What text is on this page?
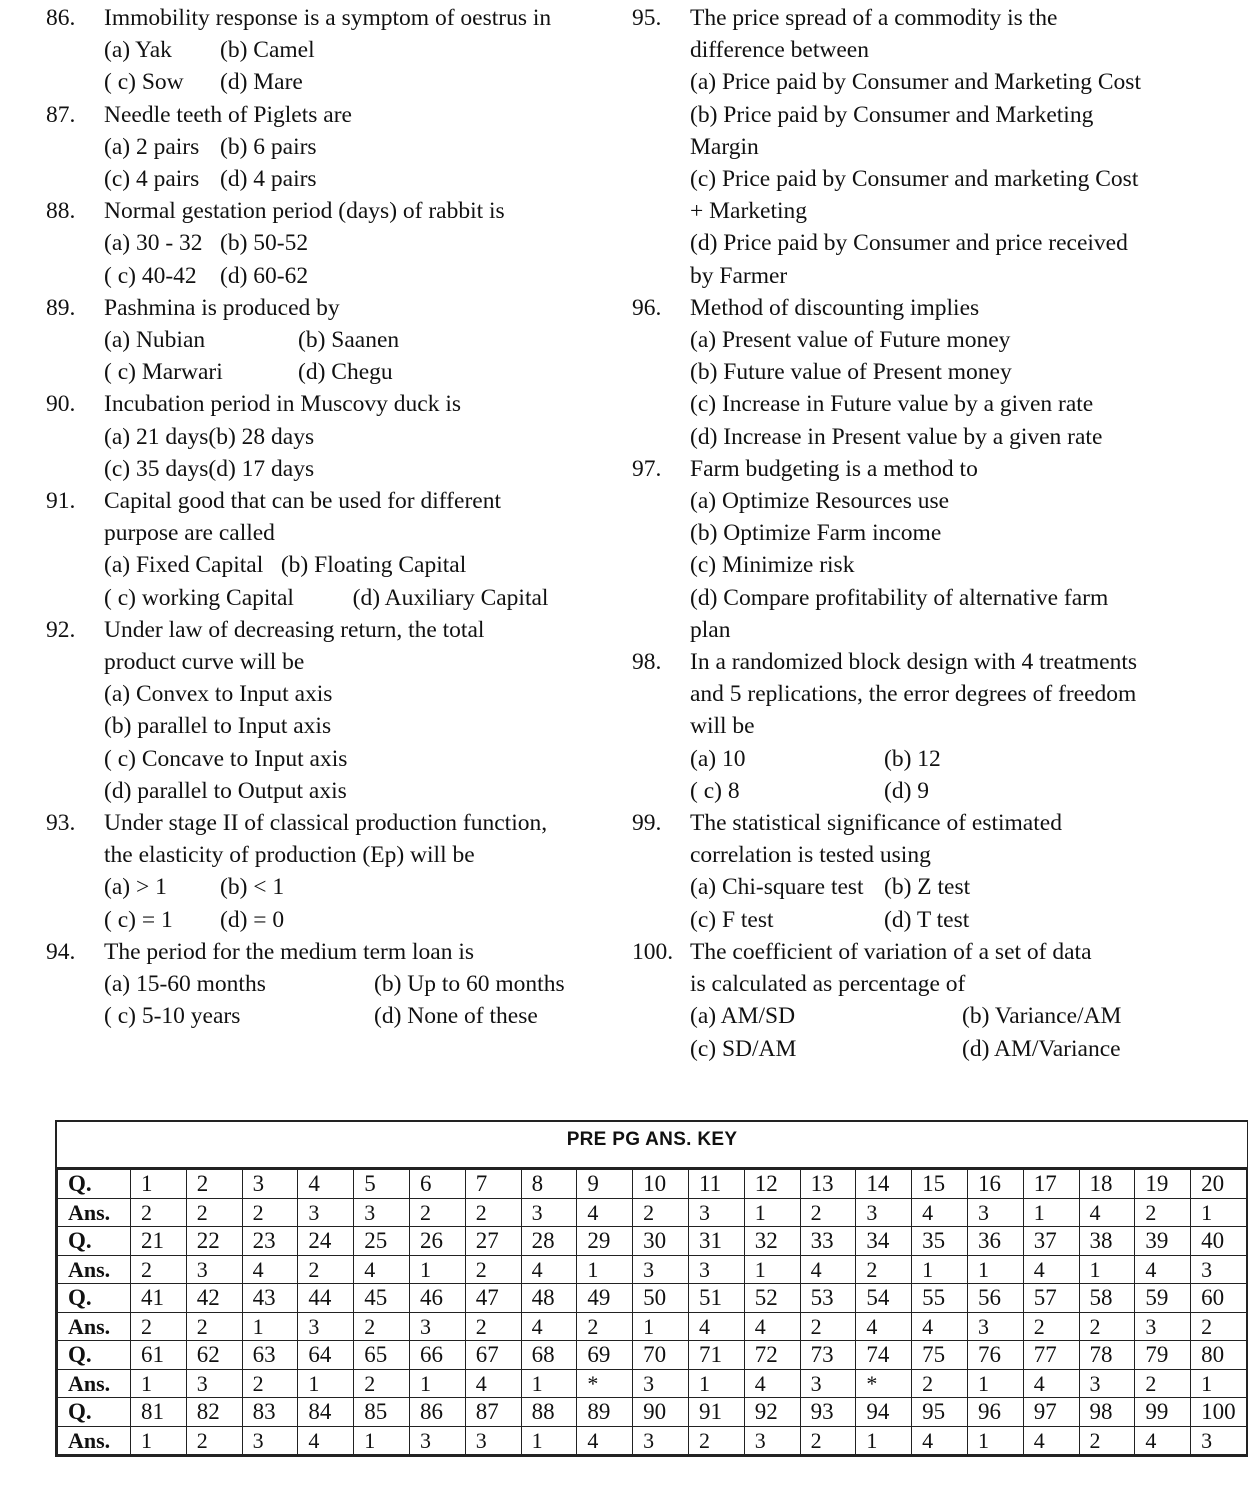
86. Immobility response is a symptom of oestrus in
(a) Yak	(b) Camel
( c) Sow	(d) Mare
87. Needle teeth of Piglets are
(a) 2 pairs (b) 6 pairs
(c) 4 pairs (d) 4 pairs
88. Normal gestation period (days) of rabbit is
(a) 30 - 32 (b) 50-52
( c) 40-42 (d) 60-62
89. Pashmina is produced by
(a) Nubian	(b) Saanen
( c) Marwari	(d) Chegu
90. Incubation period in Muscovy duck is
(a) 21 days(b) 28 days
(c) 35 days(d) 17 days
91. Capital good that can be used for different
purpose are called
(a) Fixed Capital   (b) Floating Capital
( c) working Capital          (d) Auxiliary Capital
92. Under law of decreasing return, the total
product curve will be
(a) Convex to Input axis
(b) parallel to Input axis
( c) Concave to Input axis
(d) parallel to Output axis
93. Under stage II of classical production function,
the elasticity of production (Ep) will be
(a) > 1	(b) < 1
( c) = 1	(d) = 0
94. The period for the medium term loan is
(a) 15-60 months	(b) Up to 60 months
( c) 5-10 years	(d) None of these
95. The price spread of a commodity is the
difference between
(a) Price paid by Consumer and Marketing Cost
(b) Price paid by Consumer and Marketing
Margin
(c) Price paid by Consumer and marketing Cost
+ Marketing
(d) Price paid by Consumer and price received
by Farmer
96. Method of discounting implies
(a) Present value of Future money
(b) Future value of Present money
(c) Increase in Future value by a given rate
(d) Increase in Present value by a given rate
97. Farm budgeting is a method to
(a) Optimize Resources use
(b) Optimize Farm income
(c) Minimize risk
(d) Compare profitability of alternative farm
plan
98. In a randomized block design with 4 treatments
and 5 replications, the error degrees of freedom
will be
(a) 10	(b) 12
( c) 8	(d) 9
99. The statistical significance of estimated
correlation is tested using
(a) Chi-square test (b) Z test
(c) F test	(d) T test
100. The coefficient of variation of a set of data
is calculated as percentage of
(a) AM/SD	(b) Variance/AM
(c) SD/AM	(d) AM/Variance
PRE PG ANS. KEY
Q.	1	2	3	4	5	6	7	8	9	10	11	12	13	14	15	16	17	18	19	20
Ans.	2	2	2	3	3	2	2	3	4	2	3	1	2	3	4	3	1	4	2	1
Q.	21	22	23	24	25	26	27	28	29	30	31	32	33	34	35	36	37	38	39	40
Ans.	2	3	4	2	4	1	2	4	1	3	3	1	4	2	1	1	4	1	4	3
Q.	41	42	43	44	45	46	47	48	49	50	51	52	53	54	55	56	57	58	59	60
Ans.	2	2	1	3	2	3	2	4	2	1	4	4	2	4	4	3	2	2	3	2
Q.	61	62	63	64	65	66	67	68	69	70	71	72	73	74	75	76	77	78	79	80
Ans.	1	3	2	1	2	1	4	1	*	3	1	4	3	*	2	1	4	3	2	1
Q.	81	82	83	84	85	86	87	88	89	90	91	92	93	94	95	96	97	98	99	100
Ans.	1	2	3	4	1	3	3	1	4	3	2	3	2	1	4	1	4	2	4	3
